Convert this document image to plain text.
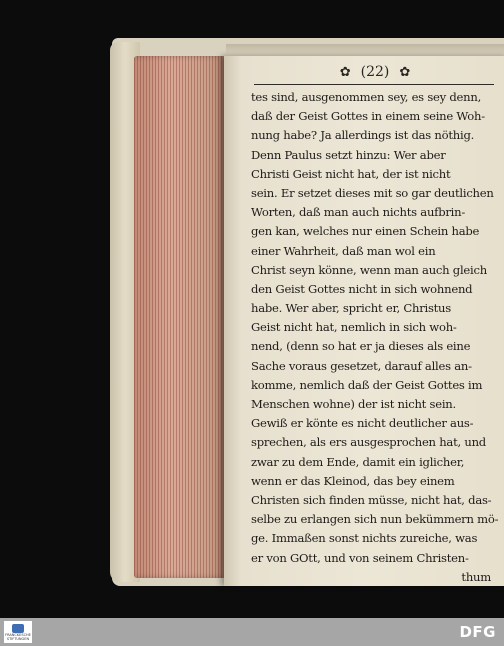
✿ (22) ✿
tes sind, ausgenommen sey, es sey denn,
daß der Geist Gottes in einem seine Woh-
nung habe? Ja allerdings ist das nöthig.
Denn Paulus setzt hinzu: Wer aber
Christi Geist nicht hat, der ist nicht
sein. Er setzet dieses mit so gar deutlichen
Worten, daß man auch nichts aufbrin-
gen kan, welches nur einen Schein habe
einer Wahrheit, daß man wol ein
Christ seyn könne, wenn man auch gleich
den Geist Gottes nicht in sich wohnend
habe. Wer aber, spricht er, Christus
Geist nicht hat, nemlich in sich woh-
nend, (denn so hat er ja dieses als eine
Sache voraus gesetzet, darauf alles an-
komme, nemlich daß der Geist Gottes im
Menschen wohne) der ist nicht sein.
Gewiß er könte es nicht deutlicher aus-
sprechen, als ers ausgesprochen hat, und
zwar zu dem Ende, damit ein iglicher,
wenn er das Kleinod, das bey einem
Christen sich finden müsse, nicht hat, das-
selbe zu erlangen sich nun bekümmern mö-
ge. Immaßen sonst nichts zureiche, was
er von GOtt, und von seinem Christen-
thum
FRANCKESCHE
STIFTUNGEN	DFG
